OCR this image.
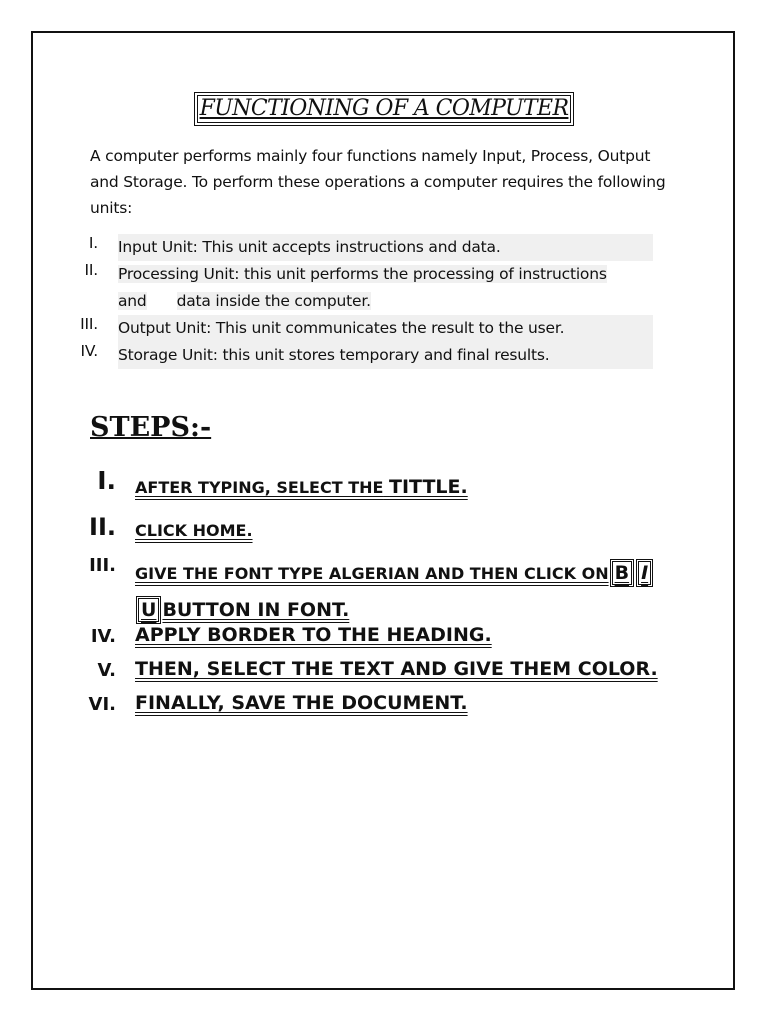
FUNCTIONING OF A COMPUTER
A computer performs mainly four functions namely Input, Process, Output and Storage. To perform these operations a computer requires the following units:
I. Input Unit: This unit accepts instructions and data.
II. Processing Unit: this unit performs the processing of instructions
and data inside the computer.
III. Output Unit: This unit communicates the result to the user.
IV. Storage Unit: this unit stores temporary and final results.
STEPS:-
I. AFTER TYPING, SELECT THE TITTLE.
II. CLICK HOME.
III. GIVE THE FONT TYPE ALGERIAN AND THEN CLICK ON B I
U BUTTON IN FONT.
IV. APPLY BORDER TO THE HEADING.
V. THEN, SELECT THE TEXT AND GIVE THEM COLOR.
VI. FINALLY, SAVE THE DOCUMENT.
